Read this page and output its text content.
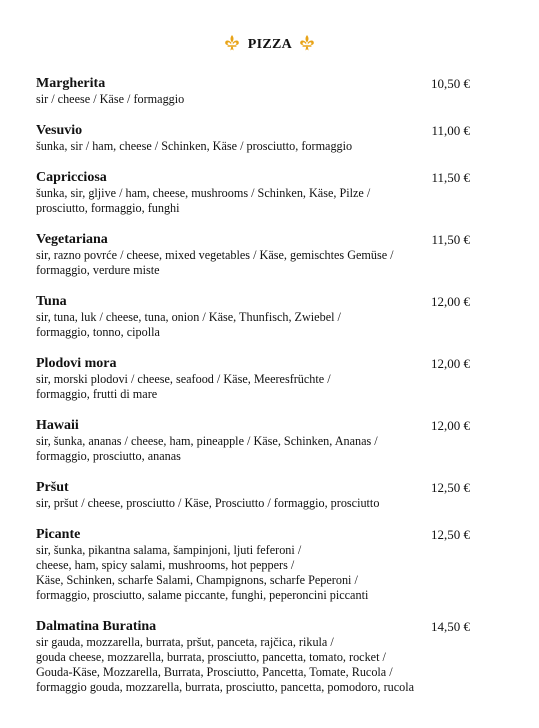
PIZZA
Margherita	10,50 €
sir / cheese / Käse / formaggio
Vesuvio	11,00 €
šunka, sir / ham, cheese / Schinken, Käse / prosciutto, formaggio
Capricciosa	11,50 €
šunka, sir, gljive / ham, cheese, mushrooms / Schinken, Käse, Pilze /
prosciutto, formaggio, funghi
Vegetariana	11,50 €
sir, razno povrće / cheese, mixed vegetables / Käse, gemischtes Gemüse /
formaggio, verdure miste
Tuna	12,00 €
sir, tuna, luk / cheese, tuna, onion / Käse, Thunfisch, Zwiebel /
formaggio, tonno, cipolla
Plodovi mora	12,00 €
sir, morski plodovi / cheese, seafood / Käse, Meeresfrüchte /
formaggio, frutti di mare
Hawaii	12,00 €
sir, šunka, ananas / cheese, ham, pineapple / Käse, Schinken, Ananas /
formaggio, prosciutto, ananas
Pršut	12,50 €
sir, pršut / cheese, prosciutto / Käse, Prosciutto / formaggio, prosciutto
Picante	12,50 €
sir, šunka, pikantna salama, šampinjoni, ljuti feferoni /
cheese, ham, spicy salami, mushrooms, hot peppers /
Käse, Schinken, scharfe Salami, Champignons, scharfe Peperoni /
formaggio, prosciutto, salame piccante, funghi, peperoncini piccanti
Dalmatina Buratina	14,50 €
sir gauda, mozzarella, burrata, pršut, panceta, rajčica, rikula /
gouda cheese, mozzarella, burrata, prosciutto, pancetta, tomato, rocket /
Gouda-Käse, Mozzarella, Burrata, Prosciutto, Pancetta, Tomate, Rucola /
formaggio gouda, mozzarella, burrata, prosciutto, pancetta, pomodoro, rucola
